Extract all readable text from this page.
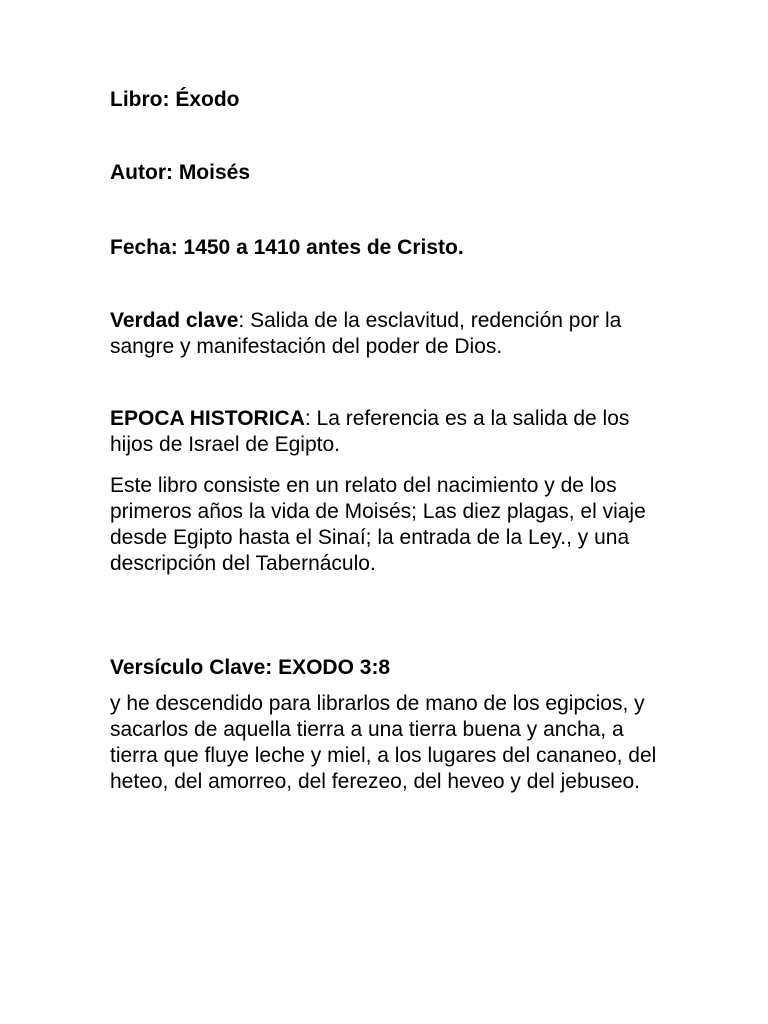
Libro: Éxodo

Autor: Moisés

Fecha: 1450 a 1410 antes de Cristo.

Verdad clave: Salida de la esclavitud, redención por la sangre y manifestación del poder de Dios.

EPOCA HISTORICA: La referencia es a la salida de los hijos de Israel de Egipto.

Este libro consiste en un relato del nacimiento y de los primeros años la vida de Moisés; Las diez plagas, el viaje desde Egipto hasta el Sinaí; la entrada de la Ley., y una descripción del Tabernáculo.

Versículo Clave: EXODO 3:8

y he descendido para librarlos de mano de los egipcios, y sacarlos de aquella tierra a una tierra buena y ancha, a tierra que fluye leche y miel, a los lugares del cananeo, del heteo, del amorreo, del ferezeo, del heveo y del jebuseo.
